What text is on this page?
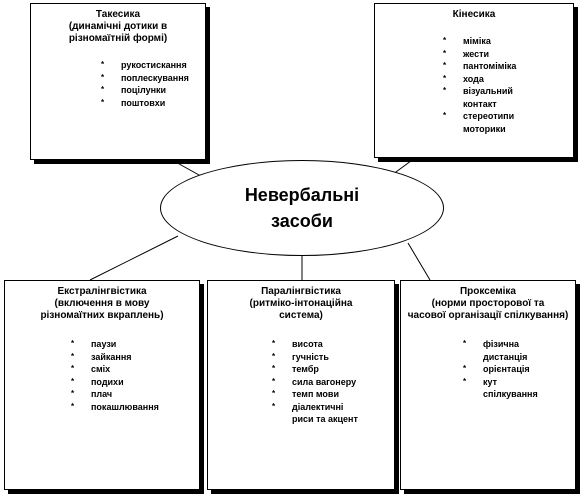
Такесика
(динамічні дотики в
різномаїтній формі)
* рукостискання
* поплескування
* поцілунки
* поштовхи
Кінесика
* міміка
* жести
* пантоміміка
* хода
* візуальний
контакт
* стереотипи
моторики
Невербальні
засоби
Екстралінгвістика
(включення в мову
різномаїтних вкраплень)
* паузи
* зайкання
* сміх
* подихи
* плач
* покашлювання
Паралінгвістика
(ритміко-інтонаційна
система)
* висота
* гучність
* тембр
* сила вагонеру
* темп мови
* діалектичні
риси та акцент
Проксеміка
(норми просторової та
часової організації спілкування)
* фізична
дистанція
* орієнтація
* кут
спілкування
